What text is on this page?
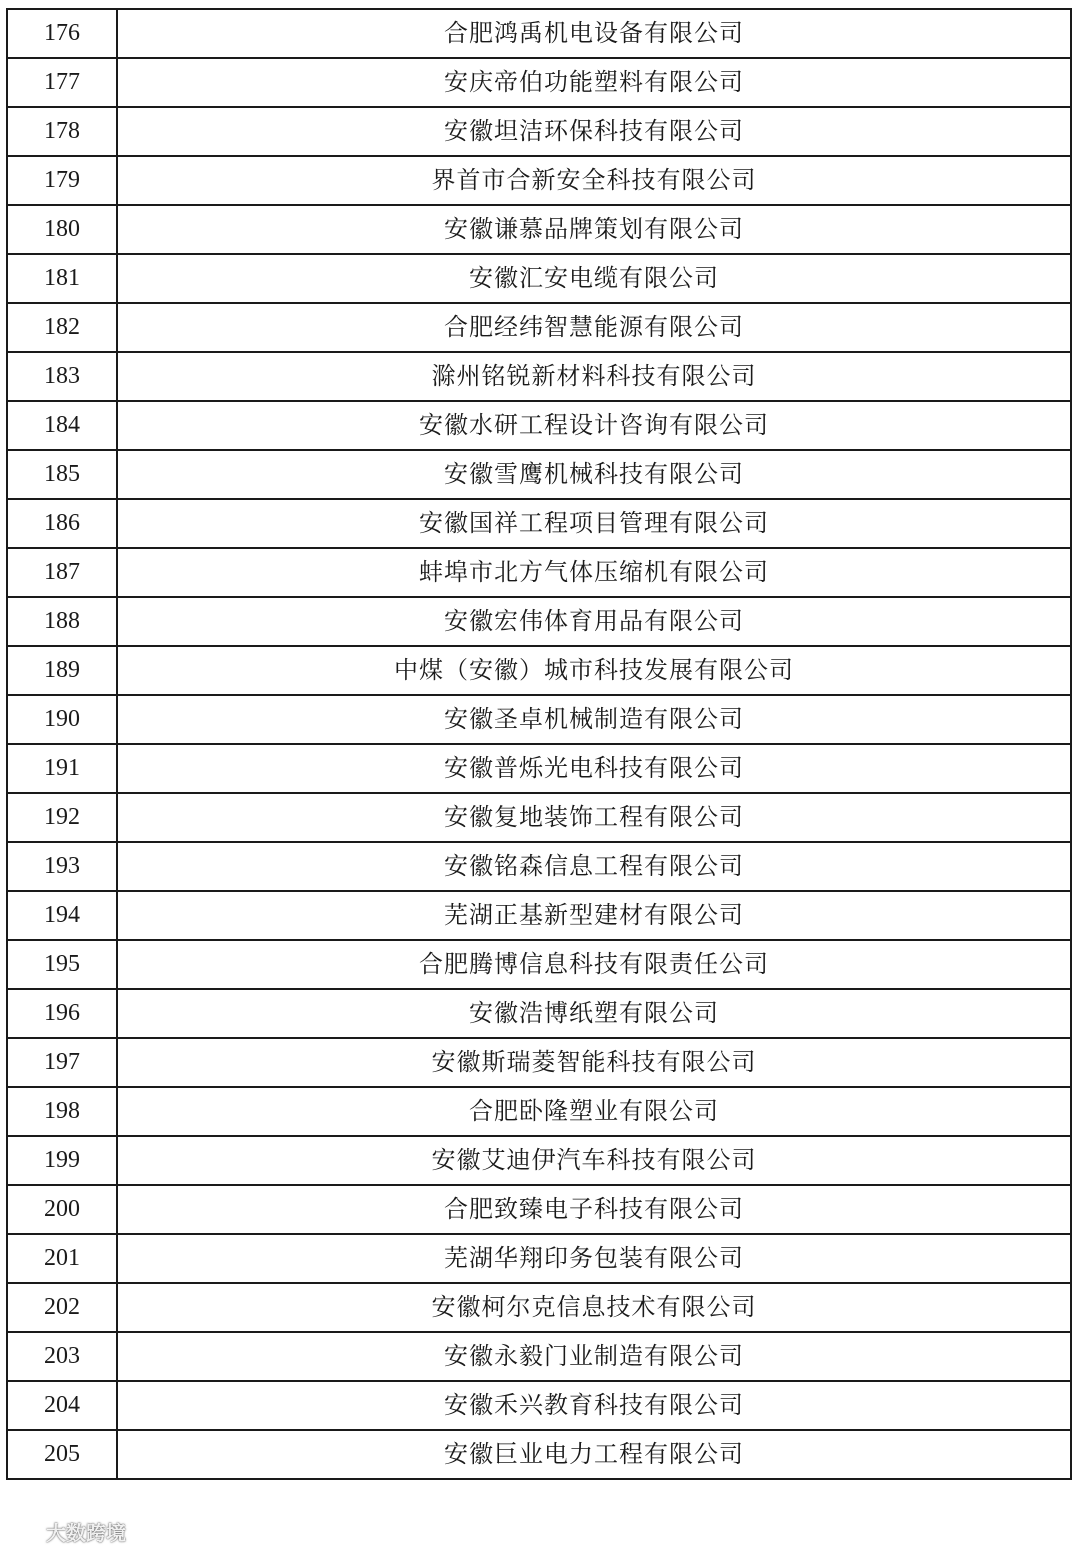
176	合肥鸿禹机电设备有限公司
177	安庆帝伯功能塑料有限公司
178	安徽坦洁环保科技有限公司
179	界首市合新安全科技有限公司
180	安徽谦慕品牌策划有限公司
181	安徽汇安电缆有限公司
182	合肥经纬智慧能源有限公司
183	滁州铭锐新材料科技有限公司
184	安徽水研工程设计咨询有限公司
185	安徽雪鹰机械科技有限公司
186	安徽国祥工程项目管理有限公司
187	蚌埠市北方气体压缩机有限公司
188	安徽宏伟体育用品有限公司
189	中煤（安徽）城市科技发展有限公司
190	安徽圣卓机械制造有限公司
191	安徽普烁光电科技有限公司
192	安徽复地装饰工程有限公司
193	安徽铭森信息工程有限公司
194	芜湖正基新型建材有限公司
195	合肥腾博信息科技有限责任公司
196	安徽浩博纸塑有限公司
197	安徽斯瑞菱智能科技有限公司
198	合肥卧隆塑业有限公司
199	安徽艾迪伊汽车科技有限公司
200	合肥致臻电子科技有限公司
201	芜湖华翔印务包装有限公司
202	安徽柯尔克信息技术有限公司
203	安徽永毅门业制造有限公司
204	安徽禾兴教育科技有限公司
205	安徽巨业电力工程有限公司
大数跨境
